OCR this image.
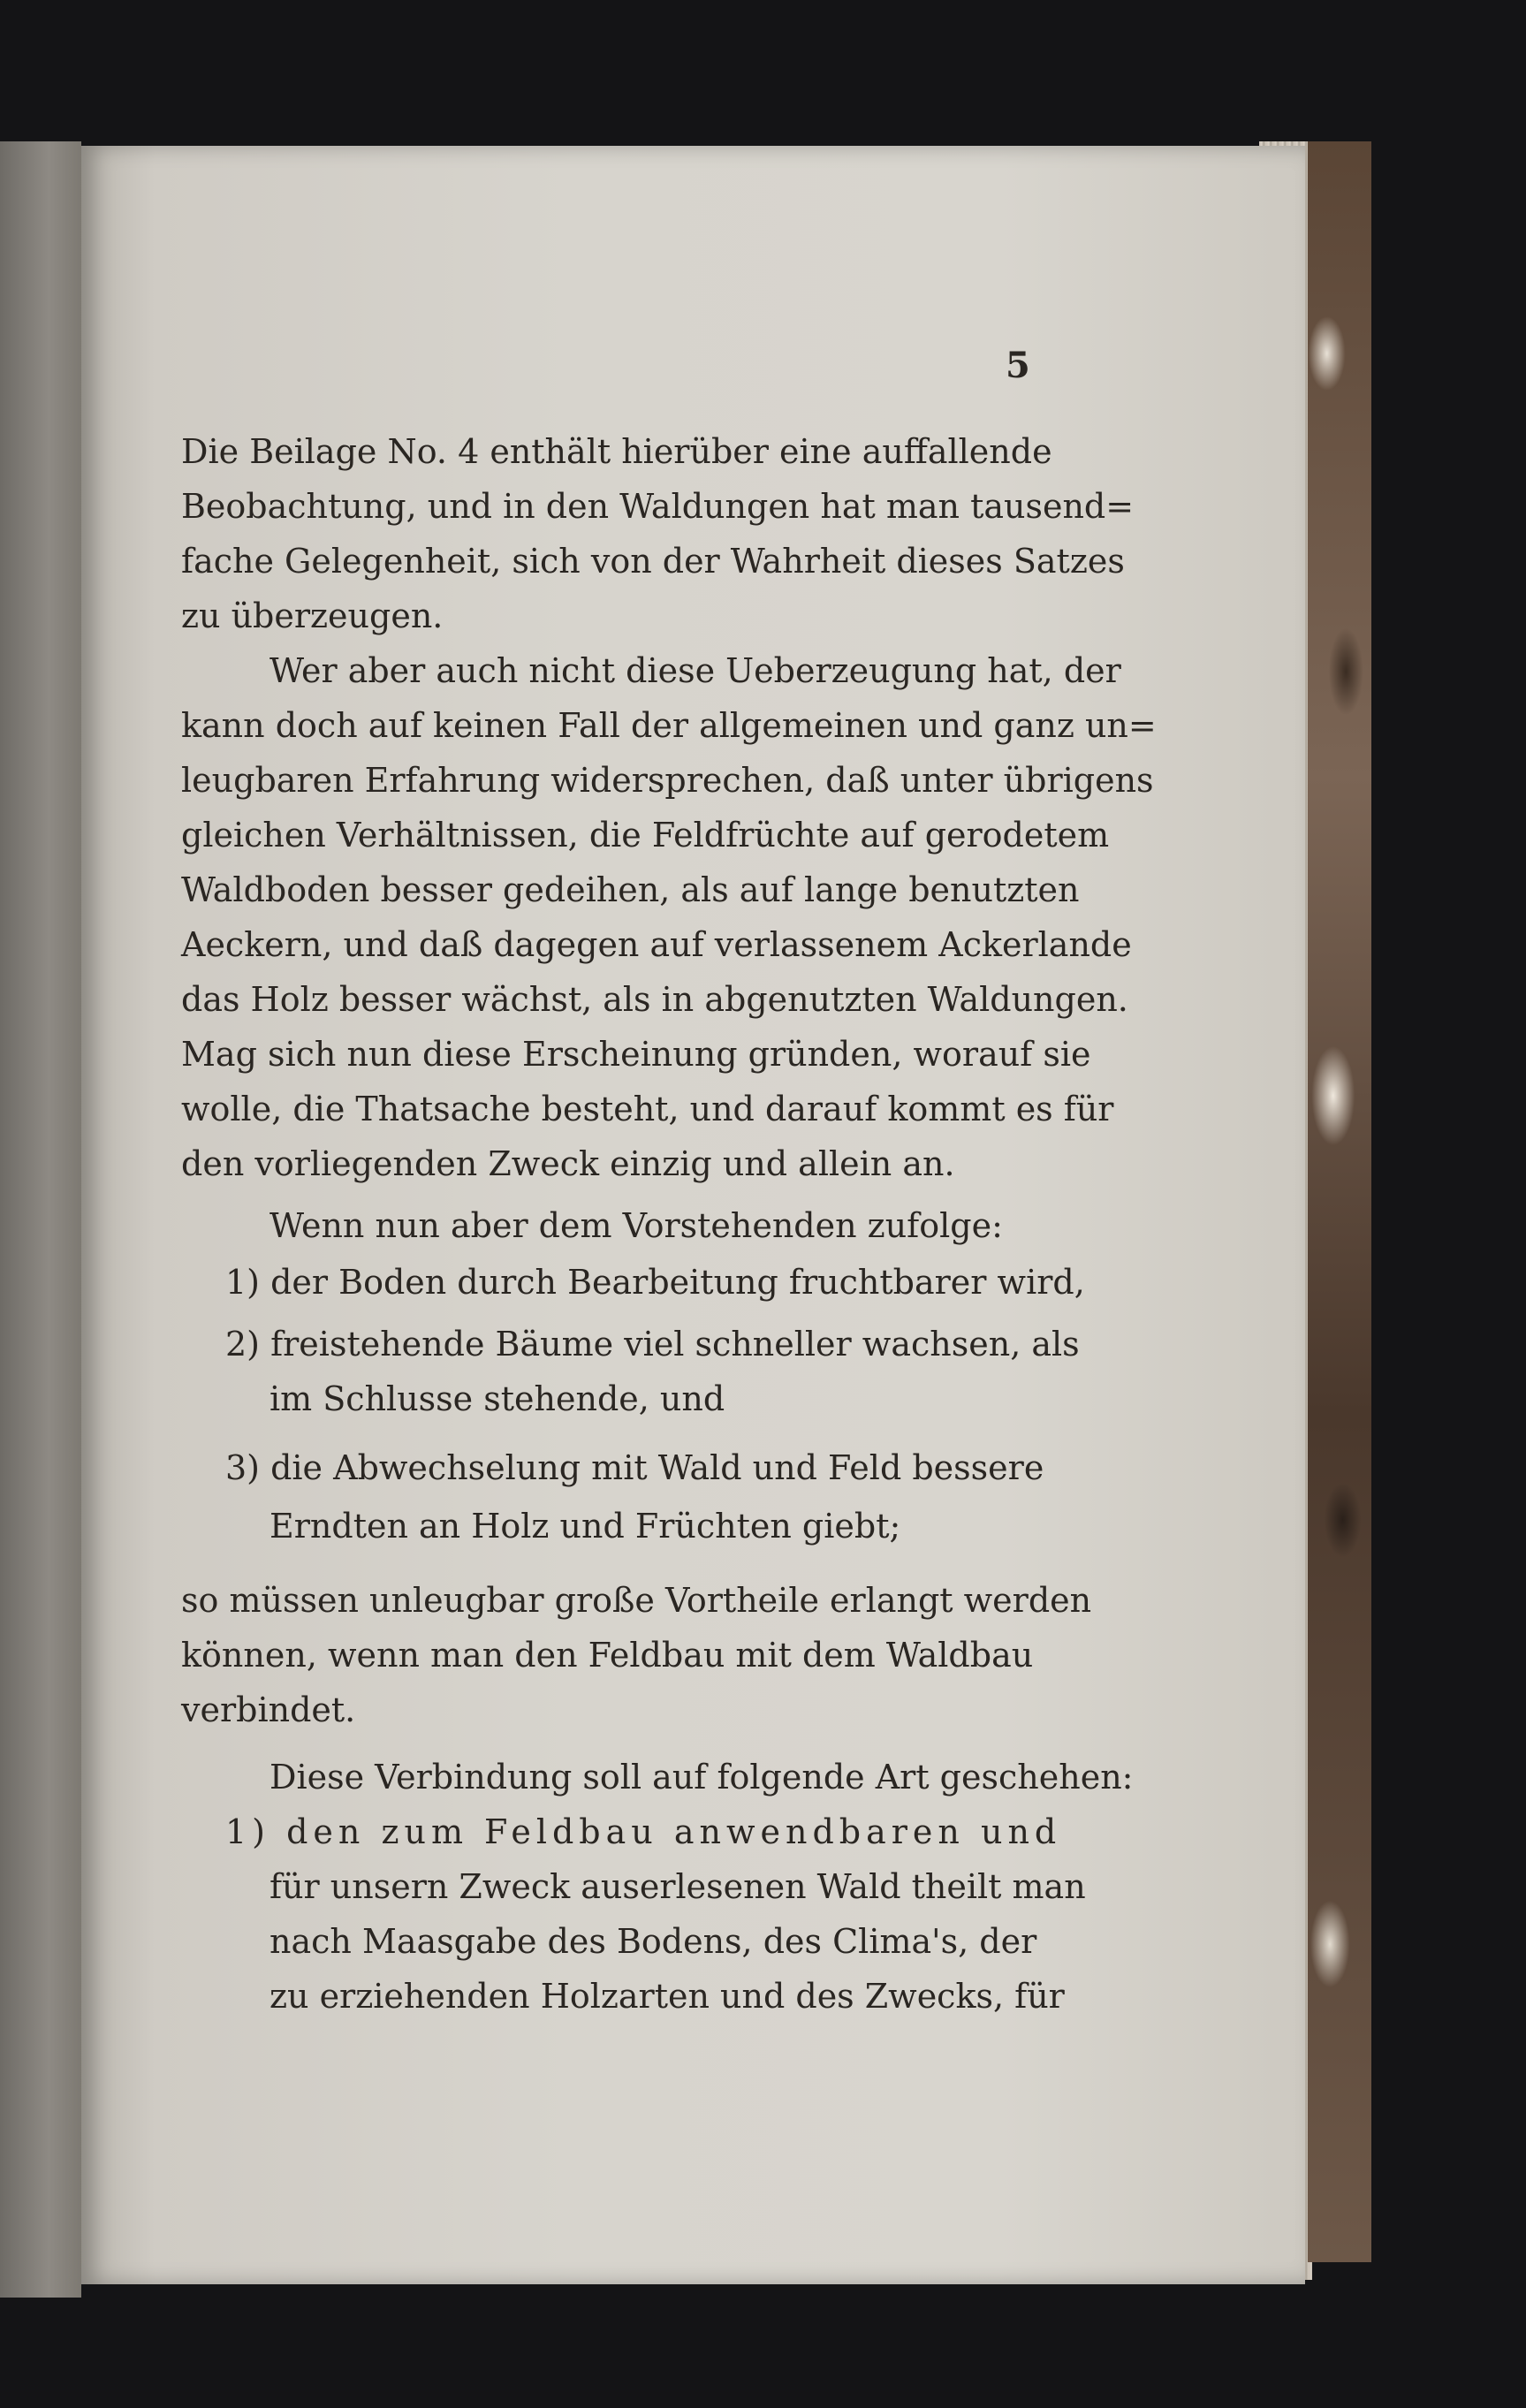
5
Die Beilage No. 4 enthält hierüber eine auffallende
Beobachtung, und in den Waldungen hat man tausend=
fache Gelegenheit, sich von der Wahrheit dieses Satzes
zu überzeugen.
Wer aber auch nicht diese Ueberzeugung hat, der
kann doch auf keinen Fall der allgemeinen und ganz un=
leugbaren Erfahrung widersprechen, daß unter übrigens
gleichen Verhältnissen, die Feldfrüchte auf gerodetem
Waldboden besser gedeihen, als auf lange benutzten
Aeckern, und daß dagegen auf verlassenem Ackerlande
das Holz besser wächst, als in abgenutzten Waldungen.
Mag sich nun diese Erscheinung gründen, worauf sie
wolle, die Thatsache besteht, und darauf kommt es für
den vorliegenden Zweck einzig und allein an.
Wenn nun aber dem Vorstehenden zufolge:
1) der Boden durch Bearbeitung fruchtbarer wird,
2) freistehende Bäume viel schneller wachsen, als
im Schlusse stehende, und
3) die Abwechselung mit Wald und Feld bessere
Erndten an Holz und Früchten giebt;
so müssen unleugbar große Vortheile erlangt werden
können, wenn man den Feldbau mit dem Waldbau
verbindet.
Diese Verbindung soll auf folgende Art geschehen:
1) den zum Feldbau anwendbaren und
für unsern Zweck auserlesenen Wald theilt man
nach Maasgabe des Bodens, des Clima's, der
zu erziehenden Holzarten und des Zwecks, für
